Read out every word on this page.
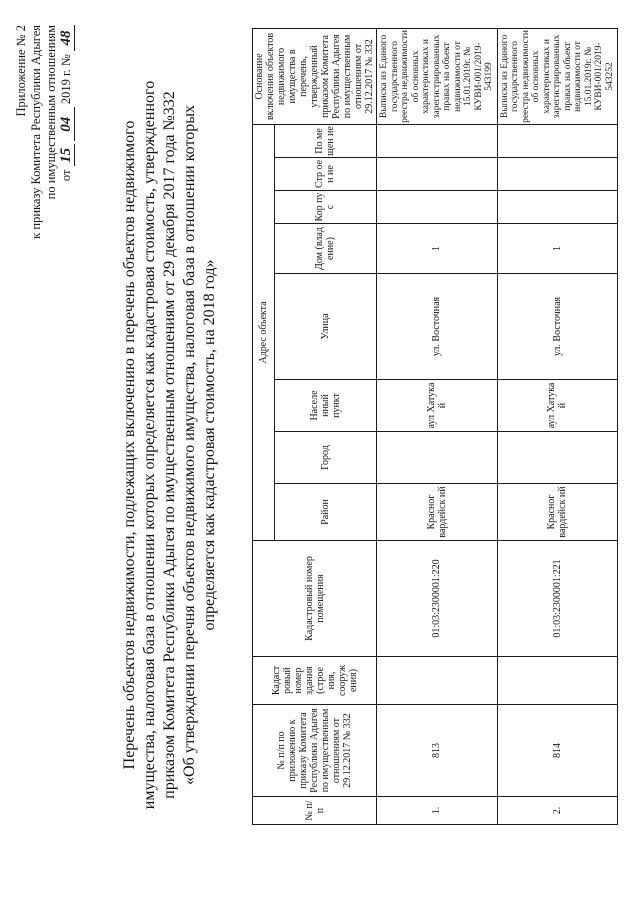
Приложение № 2 к приказу Комитета Республики Адыгея по имущественным отношениям от 15 04 2019 г. № 48
Перечень объектов недвижимости, подлежащих включению в перечень объектов недвижимого имущества, налоговая база в отношении которых определяется как кадастровая стоимость, утвержденного приказом Комитета Республики Адыгея по имущественным отношениям от 29 декабря 2017 года №332 «Об утверждении перечня объектов недвижимого имущества, налоговая база в отношении которых определяется как кадастровая стоимость, на 2018 год»
№ п/п	№ п/п по приложению к приказу Комитета Республики Адыгея по имущественным отношениям от 29.12.2017 № 332	Кадаст ровый номер здания (строе ния, сооруж ения)	Кадастровый номер помещения	Адрес объекта								Основание включения объектов недвижимого имущества в перечень, утвержденный приказом Комитета Республики Адыгея по имущественным отношениям от 29.12.2017 № 332
				Район	Город	Населе нный пункт	Улица	Дом (влад ение)	Кор пус	Стр оен ие	По ме щен ие	
1.	813		01:03:2300001:220	Красног вардейск ий		аул Хатукa й	ул. Восточная	1				Выписка из Единого государственного реестра недвижимости об основных характеристиках и зарегистрированных правах на объект недвижимости от 15.01.2019г. № КУВИ-001/2019-543199
2.	814		01:03:2300001:221	Красног вардейск ий		аул Хатука й	ул. Восточная	1				Выписка из Единого государственного реестра недвижимости об основных характеристиках и зарегистрированных правах на объект недвижимости от 15.01.2019г. № КУВИ-001/2019-543252
